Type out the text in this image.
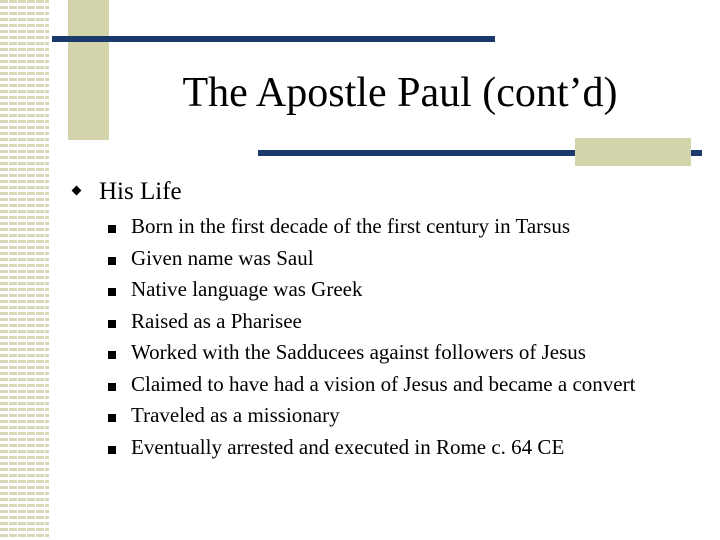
The Apostle Paul (cont’d)
His Life
Born in the first decade of the first century in Tarsus
Given name was Saul
Native language was Greek
Raised as a Pharisee
Worked with the Sadducees against followers of Jesus
Claimed to have had a vision of Jesus and became a convert
Traveled as a missionary
Eventually arrested and executed in Rome c. 64 CE
